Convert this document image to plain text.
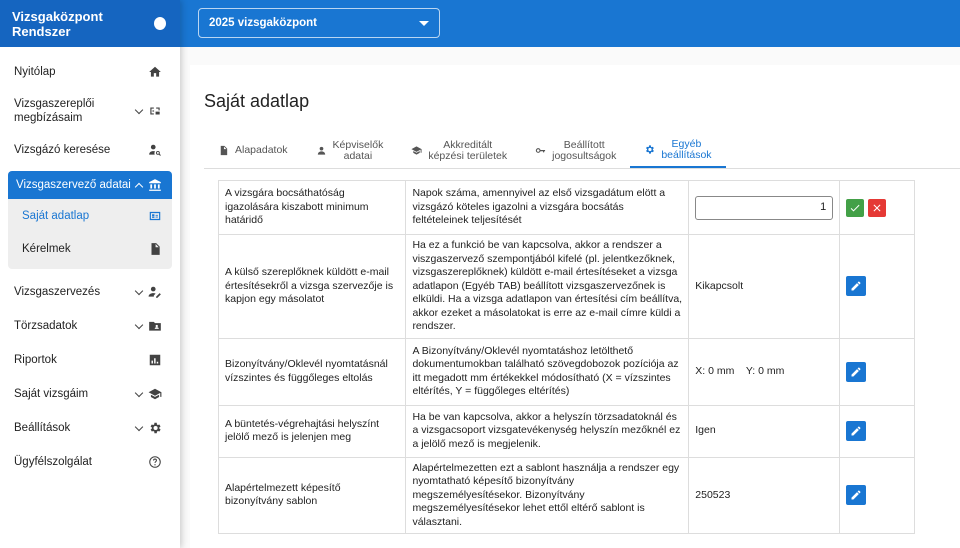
Vizsgaközpont Rendszer
Nyitólap
Vizsgaszereplői megbízásaim
Vizsgázó keresése
Vizsgaszervező adatai
Saját adatlap
Kérelmek
Vizsgaszervezés
Törzsadatok
Riportok
Saját vizsgáim
Beállítások
Ügyfélszolgálat
2025 vizsgaközpont
Saját adatlap
Alapadatok	Képviselők
adatai
Akkreditált
képzési területek
Beállított
jogosultságok
Egyéb
beállítások
A vizsgára bocsáthatóság igazolására kiszabott minimum határidő	Napok száma, amennyivel az első vizsgadátum elött a vizsgázó köteles igazolni a vizsgára bocsátás feltételeinek teljesítését	1

A külső szereplőknek küldött e-mail értesítésekről a vizsga szervezője is kapjon egy másolatot	Ha ez a funkció be van kapcsolva, akkor a rendszer a viszgaszervező szempontjából kifelé (pl. jelentkezőknek, vizsgaszereplőknek) küldött e-mail értesítéseket a vizsga adatlapon (Egyéb TAB) beállított vizsgaszervezőnek is elküldi. Ha a vizsga adatlapon van értesítési cím beállítva, akkor ezeket a másolatokat is erre az e-mail címre küldi a rendszer.	Kikapcsolt	

Bizonyítvány/Oklevél nyomtatásnál vízszintes és függőleges eltolás	A Bizonyítvány/Oklevél nyomtatáshoz letölthető dokumentumokban található szövegdobozok pozíciója az itt megadott mm értékekkel módosítható (X = vízszintes eltérítés, Y = függőleges eltérítés)	X: 0 mm    Y: 0 mm	

A büntetés-végrehajtási helyszínt jelölő mező is jelenjen meg	Ha be van kapcsolva, akkor a helyszín törzsadatoknál és a vizsgacsoport vizsgatevékenység helyszín mezőknél ez a jelölő mező is megjelenik.	Igen	

Alapértelmezett képesítő bizonyítvány sablon	Alapértelmezetten ezt a sablont használja a rendszer egy nyomtatható képesítő bizonyítvány megszemélyesítésekor. Bizonyítvány megszemélyesítésekor lehet ettől eltérő sablont is választani.	250523	
